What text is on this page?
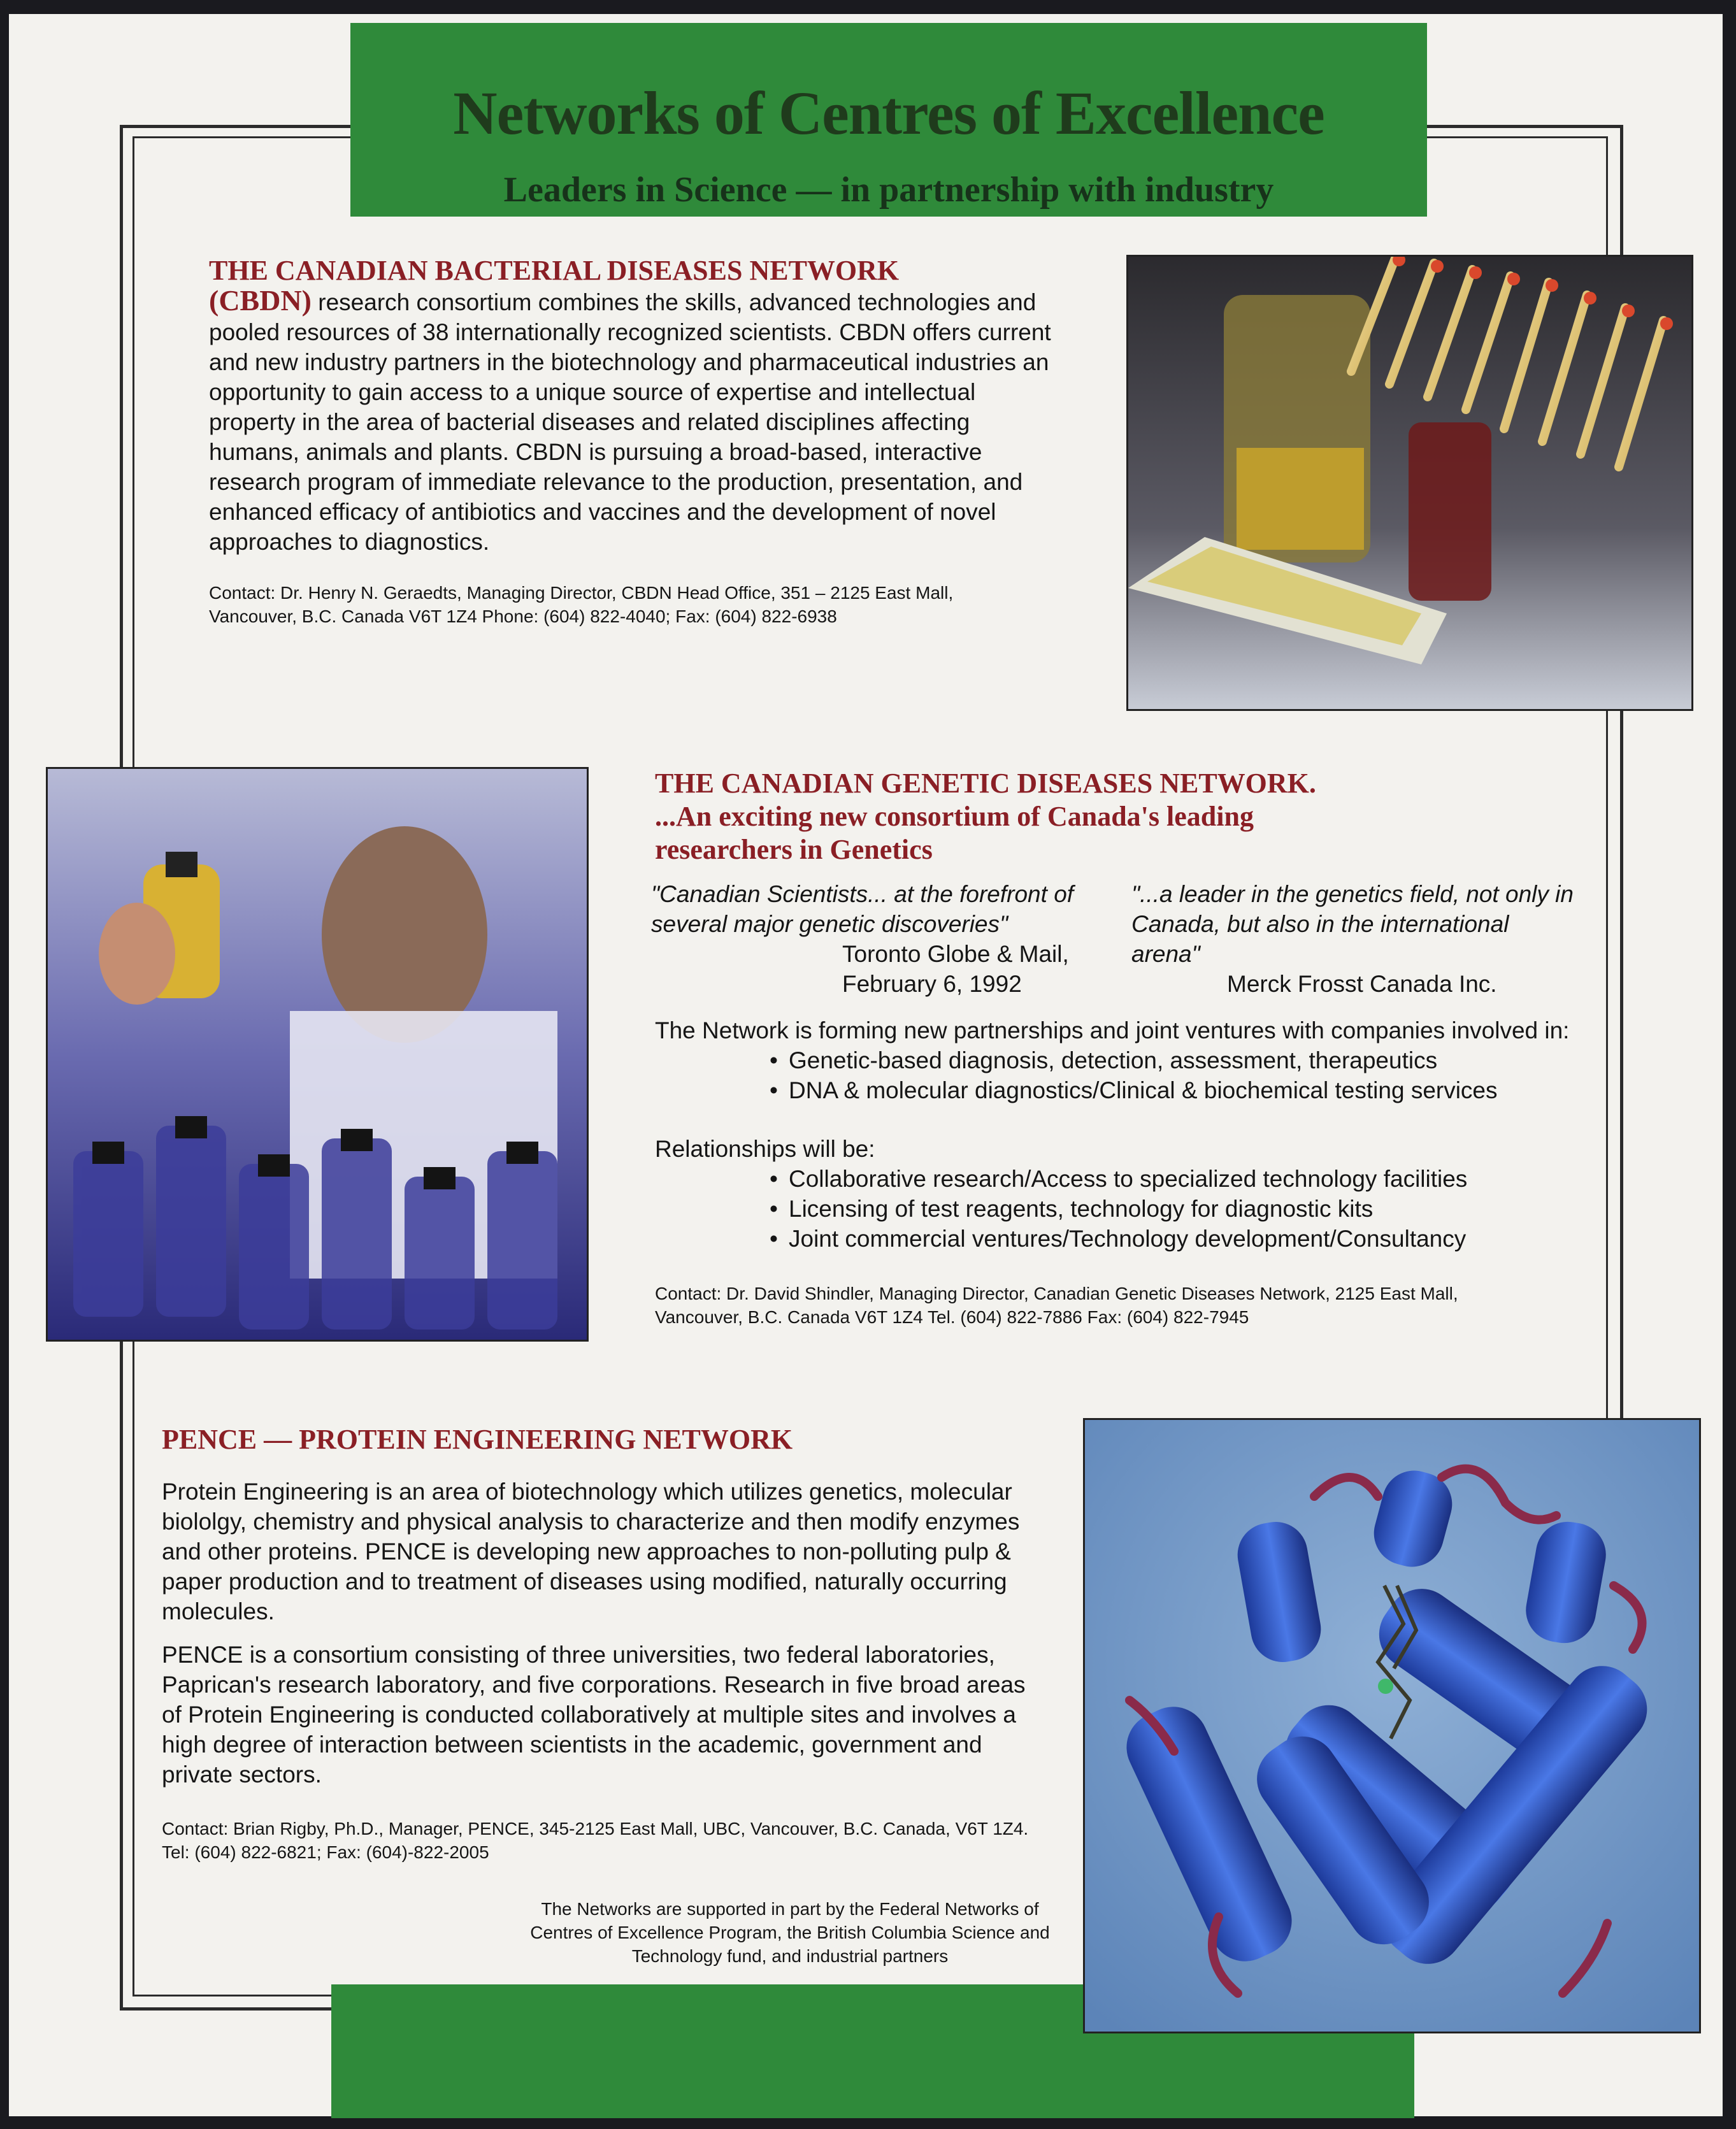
Networks of Centres of Excellence
Leaders in Science — in partnership with industry
THE CANADIAN BACTERIAL DISEASES NETWORK
(CBDN) research consortium combines the skills, advanced technologies and pooled resources of 38 internationally recognized scientists. CBDN offers current and new industry partners in the biotechnology and pharmaceutical industries an opportunity to gain access to a unique source of expertise and intellectual property in the area of bacterial diseases and related disciplines affecting humans, animals and plants. CBDN is pursuing a broad-based, interactive research program of immediate relevance to the production, presentation, and enhanced efficacy of antibiotics and vaccines and the development of novel approaches to diagnostics.
Contact: Dr. Henry N. Geraedts, Managing Director, CBDN Head Office, 351 – 2125 East Mall, Vancouver, B.C. Canada V6T 1Z4 Phone: (604) 822-4040; Fax: (604) 822-6938
THE CANADIAN GENETIC DISEASES NETWORK.
...An exciting new consortium of Canada's leading
researchers in Genetics
"Canadian Scientists... at the forefront of several major genetic discoveries"
Toronto Globe & Mail,
February 6, 1992
"...a leader in the genetics field, not only in Canada, but also in the international arena"
Merck Frosst Canada Inc.
The Network is forming new partnerships and joint ventures with companies involved in:
• Genetic-based diagnosis, detection, assessment, therapeutics
• DNA & molecular diagnostics/Clinical & biochemical testing services
Relationships will be:
• Collaborative research/Access to specialized technology facilities
• Licensing of test reagents, technology for diagnostic kits
• Joint commercial ventures/Technology development/Consultancy
Contact: Dr. David Shindler, Managing Director, Canadian Genetic Diseases Network, 2125 East Mall, Vancouver, B.C. Canada V6T 1Z4 Tel. (604) 822-7886 Fax: (604) 822-7945
PENCE — PROTEIN ENGINEERING NETWORK
Protein Engineering is an area of biotechnology which utilizes genetics, molecular biololgy, chemistry and physical analysis to characterize and then modify enzymes and other proteins. PENCE is developing new approaches to non-polluting pulp & paper production and to treatment of diseases using modified, naturally occurring molecules.
PENCE is a consortium consisting of three universities, two federal laboratories, Paprican's research laboratory, and five corporations. Research in five broad areas of Protein Engineering is conducted collaboratively at multiple sites and involves a high degree of interaction between scientists in the academic, government and private sectors.
Contact: Brian Rigby, Ph.D., Manager, PENCE, 345-2125 East Mall, UBC, Vancouver, B.C. Canada, V6T 1Z4. Tel: (604) 822-6821; Fax: (604)-822-2005
The Networks are supported in part by the Federal Networks of Centres of Excellence Program, the British Columbia Science and Technology fund, and industrial partners
